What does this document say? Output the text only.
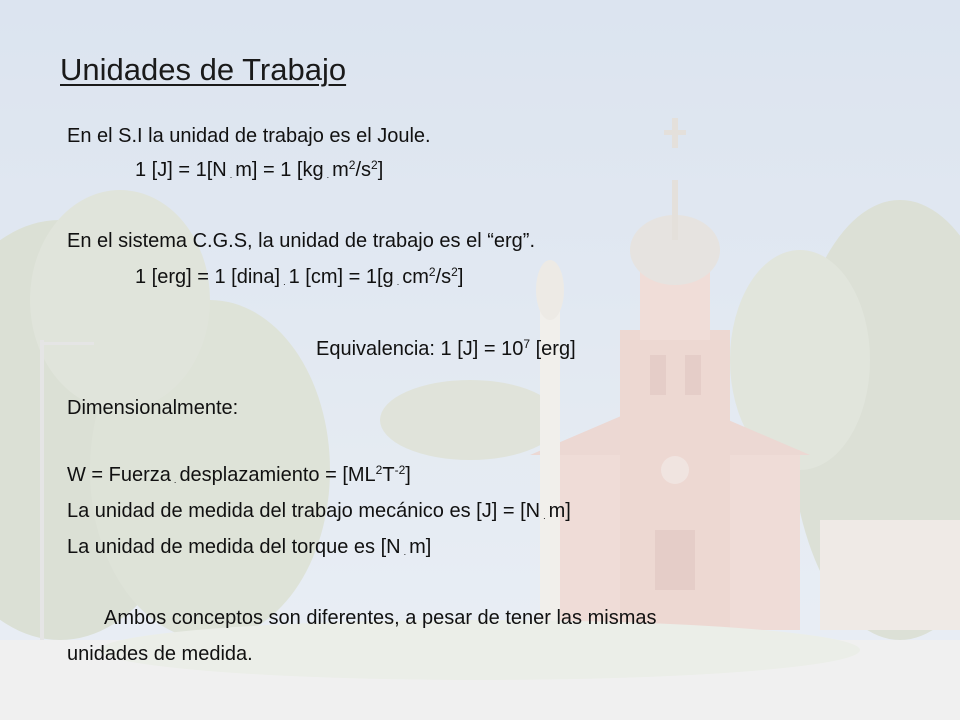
Unidades de Trabajo
En el S.I la unidad de trabajo es el Joule.
1 [J] = 1[N . m] = 1 [kg . $m^2/s^2$]
En el sistema C.G.S, la unidad de trabajo es el “erg”.
1 [erg] = 1 [dina] . 1 [cm] = 1[g . $cm^2/s^2$]
Equivalencia: 1 $[J] = 10^7$ [erg]
Dimensionalmente:
W = Fuerza . desplazamiento = $[ML^2T^{-2}]$
La unidad de medida del trabajo mecánico es [J] = [N . m]
La unidad de medida del torque es [N . m]
Ambos conceptos son diferentes, a pesar de tener las mismas
unidades de medida.
